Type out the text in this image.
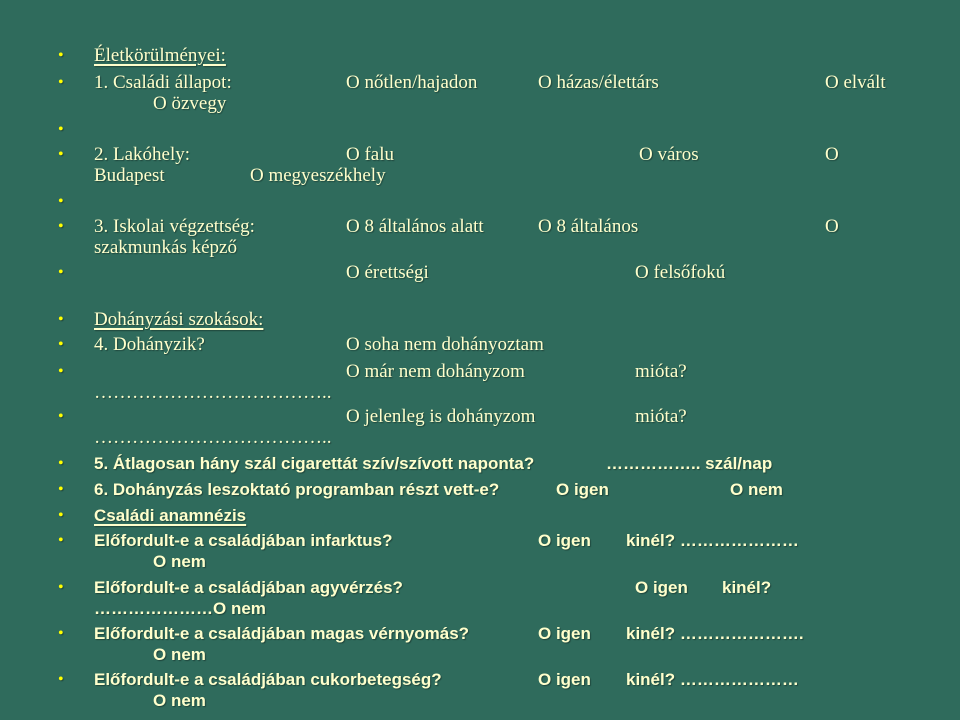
• Életkörülményei:
• 1. Családi állapot:	O nőtlen/hajadon	O házas/élettárs	O elvált
O özvegy
•
• 2. Lakóhely:	O falu	O város	O
Budapest	O megyeszékhely
•
• 3. Iskolai végzettség:	O 8 általános alatt	O 8 általános	O
szakmunkás képző
•	O érettségi	O felsőfokú
• Dohányzási szokások:
• 4. Dohányzik?	O soha nem dohányoztam
•	O már nem dohányzom	mióta?
………………………………..
•	O jelenleg is dohányzom	mióta?
………………………………..
• 5. Átlagosan hány szál cigarettát szív/szívott naponta?	…………….. szál/nap
• 6. Dohányzás leszoktató programban részt vett-e?	O igen	O nem
• Családi anamnézis
• Előfordult-e a családjában infarktus?	O igen kinél? …………………
O nem
• Előfordult-e a családjában agyvérzés?	O igen kinél?
…………………O nem
• Előfordult-e a családjában magas vérnyomás?	O igen kinél? ………………….
O nem
• Előfordult-e a családjában cukorbetegség?	O igen kinél? …………………
O nem
